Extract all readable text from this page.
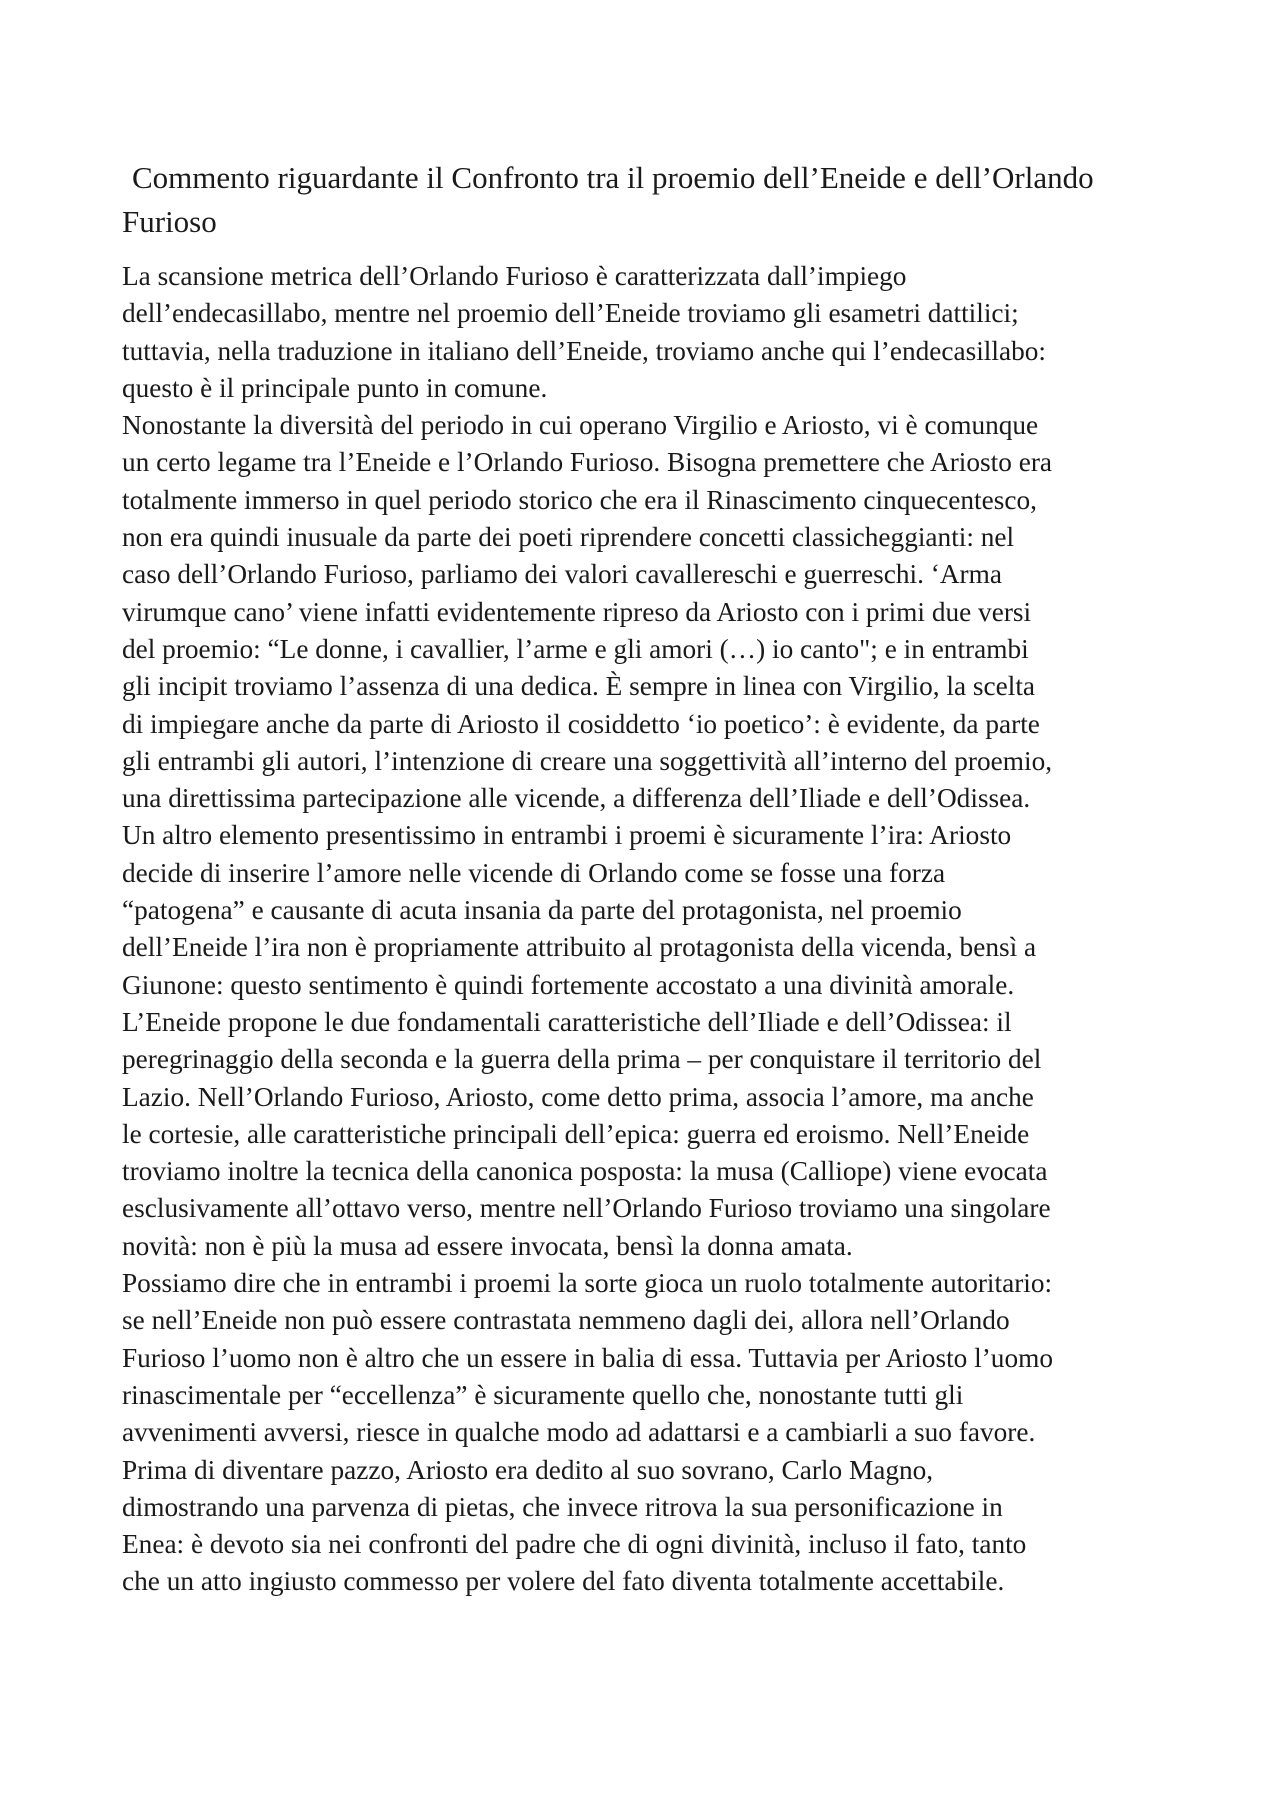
Commento riguardante il Confronto tra il proemio dell’Eneide e dell’Orlando Furioso

La scansione metrica dell’Orlando Furioso è caratterizzata dall’impiego
dell’endecasillabo, mentre nel proemio dell’Eneide troviamo gli esametri dattilici;
tuttavia, nella traduzione in italiano dell’Eneide, troviamo anche qui l’endecasillabo:
questo è il principale punto in comune.

Nonostante la diversità del periodo in cui operano Virgilio e Ariosto, vi è comunque
un certo legame tra l’Eneide e l’Orlando Furioso. Bisogna premettere che Ariosto era
totalmente immerso in quel periodo storico che era il Rinascimento cinquecentesco,
non era quindi inusuale da parte dei poeti riprendere concetti classicheggianti: nel
caso dell’Orlando Furioso, parliamo dei valori cavallereschi e guerreschi. ‘Arma
virumque cano’ viene infatti evidentemente ripreso da Ariosto con i primi due versi
del proemio: “Le donne, i cavallier, l’arme e gli amori (…) io canto"; e in entrambi
gli incipit troviamo l’assenza di una dedica. È sempre in linea con Virgilio, la scelta
di impiegare anche da parte di Ariosto il cosiddetto ‘io poetico’: è evidente, da parte
gli entrambi gli autori, l’intenzione di creare una soggettività all’interno del proemio,
una direttissima partecipazione alle vicende, a differenza dell’Iliade e dell’Odissea.
Un altro elemento presentissimo in entrambi i proemi è sicuramente l’ira: Ariosto
decide di inserire l’amore nelle vicende di Orlando come se fosse una forza
“patogena” e causante di acuta insania da parte del protagonista, nel proemio
dell’Eneide l’ira non è propriamente attribuito al protagonista della vicenda, bensì a
Giunone: questo sentimento è quindi fortemente accostato a una divinità amorale.
L’Eneide propone le due fondamentali caratteristiche dell’Iliade e dell’Odissea: il
peregrinaggio della seconda e la guerra della prima – per conquistare il territorio del
Lazio. Nell’Orlando Furioso, Ariosto, come detto prima, associa l’amore, ma anche
le cortesie, alle caratteristiche principali dell’epica: guerra ed eroismo. Nell’Eneide
troviamo inoltre la tecnica della canonica posposta: la musa (Calliope) viene evocata
esclusivamente all’ottavo verso, mentre nell’Orlando Furioso troviamo una singolare
novità: non è più la musa ad essere invocata, bensì la donna amata.

Possiamo dire che in entrambi i proemi la sorte gioca un ruolo totalmente autoritario:
se nell’Eneide non può essere contrastata nemmeno dagli dei, allora nell’Orlando
Furioso l’uomo non è altro che un essere in balia di essa. Tuttavia per Ariosto l’uomo
rinascimentale per “eccellenza” è sicuramente quello che, nonostante tutti gli
avvenimenti avversi, riesce in qualche modo ad adattarsi e a cambiarli a suo favore.
Prima di diventare pazzo, Ariosto era dedito al suo sovrano, Carlo Magno,
dimostrando una parvenza di pietas, che invece ritrova la sua personificazione in
Enea: è devoto sia nei confronti del padre che di ogni divinità, incluso il fato, tanto
che un atto ingiusto commesso per volere del fato diventa totalmente accettabile.
